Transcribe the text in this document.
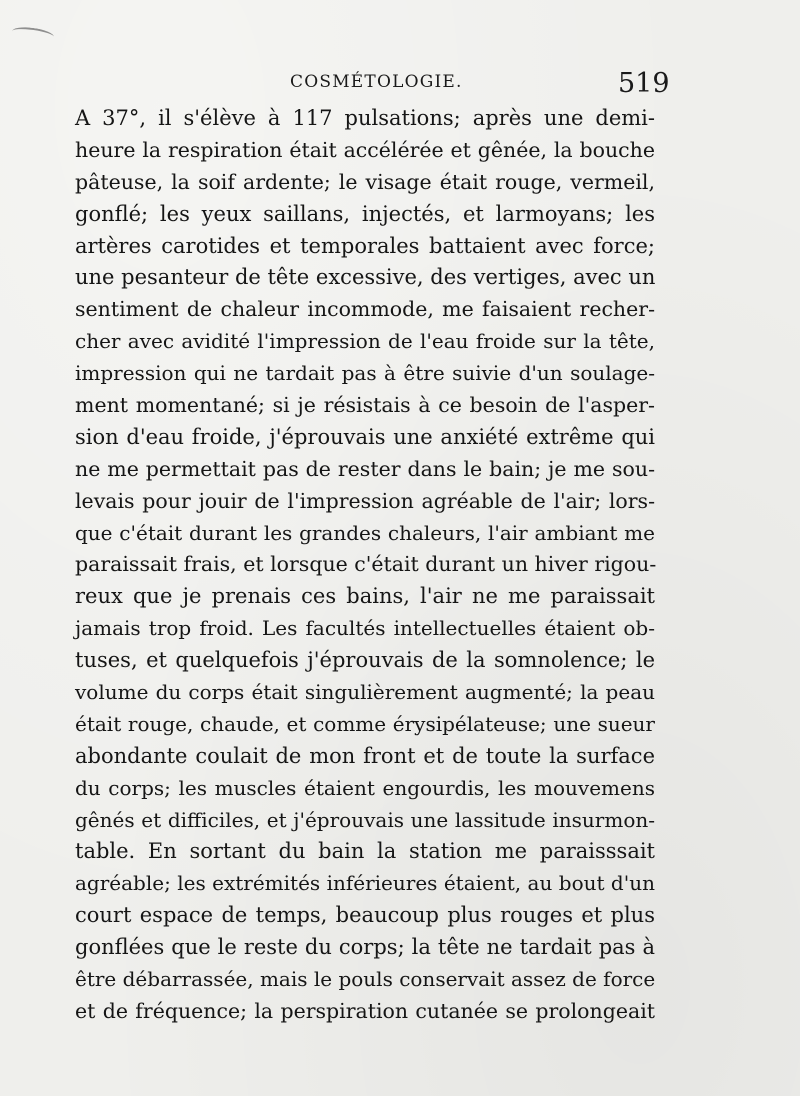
COSMÉTOLOGIE.	519
A 37°, il s'élève à 117 pulsations; après une demi-
heure la respiration était accélérée et gênée, la bouche
pâteuse, la soif ardente; le visage était rouge, vermeil,
gonflé; les yeux saillans, injectés, et larmoyans; les
artères carotides et temporales battaient avec force;
une pesanteur de tête excessive, des vertiges, avec un
sentiment de chaleur incommode, me faisaient recher-
cher avec avidité l'impression de l'eau froide sur la tête,
impression qui ne tardait pas à être suivie d'un soulage-
ment momentané; si je résistais à ce besoin de l'asper-
sion d'eau froide, j'éprouvais une anxiété extrême qui
ne me permettait pas de rester dans le bain; je me sou-
levais pour jouir de l'impression agréable de l'air; lors-
que c'était durant les grandes chaleurs, l'air ambiant me
paraissait frais, et lorsque c'était durant un hiver rigou-
reux que je prenais ces bains, l'air ne me paraissait
jamais trop froid. Les facultés intellectuelles étaient ob-
tuses, et quelquefois j'éprouvais de la somnolence; le
volume du corps était singulièrement augmenté; la peau
était rouge, chaude, et comme érysipélateuse; une sueur
abondante coulait de mon front et de toute la surface
du corps; les muscles étaient engourdis, les mouvemens
gênés et difficiles, et j'éprouvais une lassitude insurmon-
table. En sortant du bain la station me paraisssait
agréable; les extrémités inférieures étaient, au bout d'un
court espace de temps, beaucoup plus rouges et plus
gonflées que le reste du corps; la tête ne tardait pas à
être débarrassée, mais le pouls conservait assez de force
et de fréquence; la perspiration cutanée se prolongeait
